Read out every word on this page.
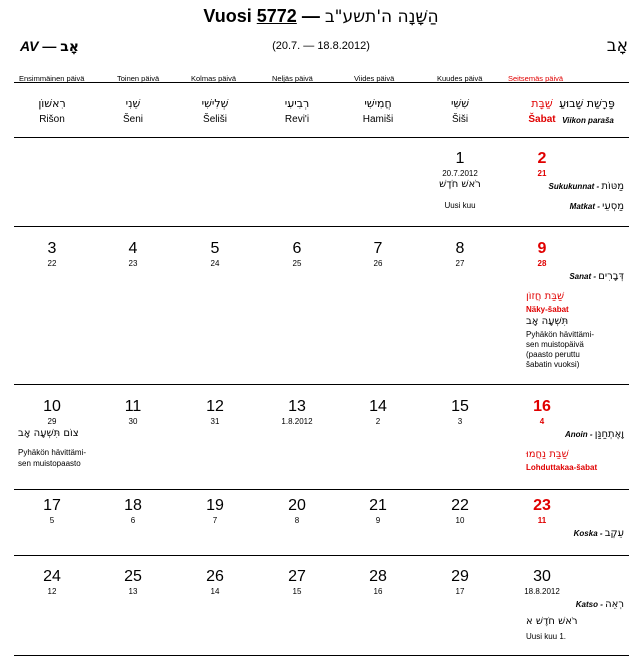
Vuosi 5772 — הַשָּׁנָה ה'תשע"ב
AV — אָב	(20.7. — 18.8.2012)	אָב
Ensimmäinen päivä
רִאשׁוֹן
Rišon
Toinen päivä
שֵׁנִי
Šeni
Kolmas päivä
שְׁלִישִׁי
Šeliši
Neljäs päivä
רְבִיעִי
Revi'i
Viides päivä
חֲמִישִׁי
Hamiši
Kuudes päivä
שִׁשִּׁי
Šiši
Seitsemäs päivä
שַׁבָּת
Šabat
פָּרָשַׁת שָׁבוּעַ
Viikon paraša
1
20.7.2012
רֹאשׁ חֹדֶשׁ
Uusi kuu
2
21
Sukukunnat - מַטּוֹת
Matkat - מַסְעֵי
3
22
4
23
5
24
6
25
7
26
8
27
9
28
Sanat - דְּבָרִים
שַׁבַּת חֲזוֹן
Näky-šabat
תִּשְׁעָה אָב
Pyhäkön hävittämi-
sen muistopäivä
(paasto peruttu
šabatin vuoksi)
10
29
צוֹם תִּשְׁעָה אָב
Pyhäkön hävittämi-
sen muistopaasto
11
30
12
31
13
1.8.2012
14
2
15
3
16
4
Anoin - וָאֶתְחַנַּן
שַׁבַּת נַחֲמוּ
Lohduttakaa-šabat
17
5
18
6
19
7
20
8
21
9
22
10
23
11
Koska - עֵקֶב
24
12
25
13
26
14
27
15
28
16
29
17
30
18.8.2012
Katso - רְאֵה
רֹאשׁ חֹדֶשׁ א
Uusi kuu 1.
